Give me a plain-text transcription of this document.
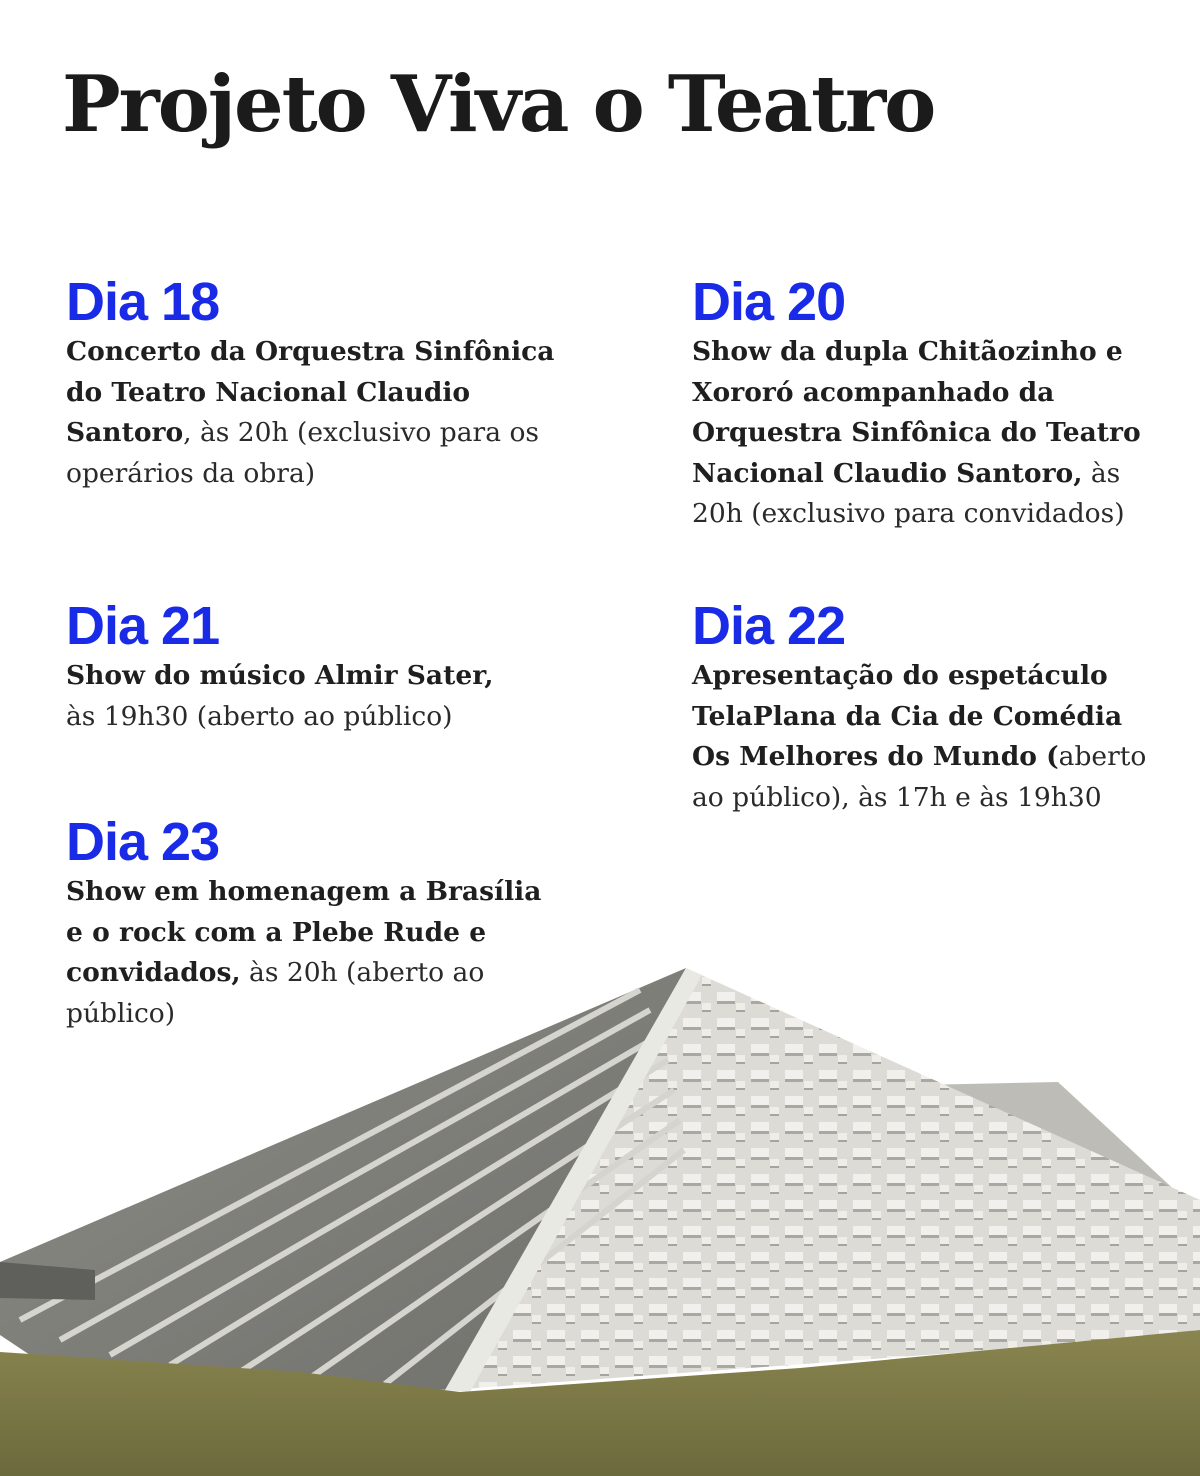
Projeto Viva o Teatro

Dia 18

Concerto da Orquestra Sinfônica do Teatro Nacional Claudio Santoro, às 20h (exclusivo para os operários da obra)

Dia 20

Show da dupla Chitãozinho e Xororó acompanhado da Orquestra Sinfônica do Teatro Nacional Claudio Santoro, às 20h (exclusivo para convidados)

Dia 21

Show do músico Almir Sater, às 19h30 (aberto ao público)

Dia 22

Apresentação do espetáculo TelaPlana da Cia de Comédia Os Melhores do Mundo (aberto ao público), às 17h e às 19h30

Dia 23

Show em homenagem a Brasília e o rock com a Plebe Rude e convidados, às 20h (aberto ao público)
